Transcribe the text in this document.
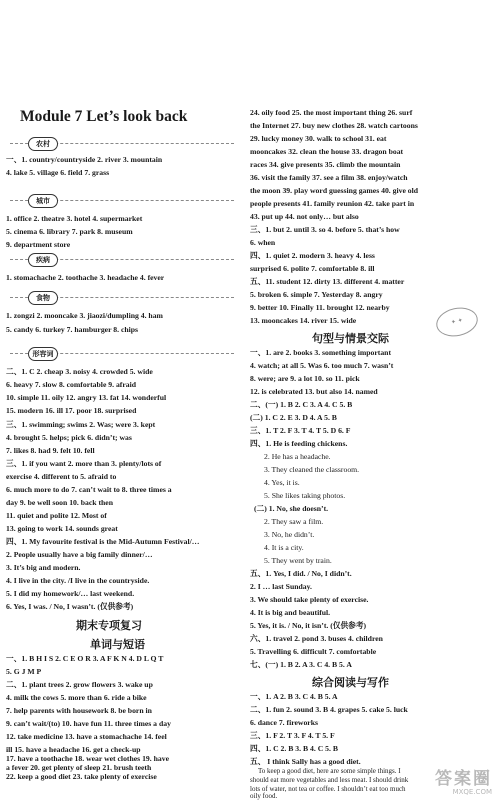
Module 7 Let’s look back
农村
一、1. country/countryside 2. river 3. mountain
4. lake 5. village 6. field 7. grass
城市
1. office 2. theatre 3. hotel 4. supermarket
5. cinema 6. library 7. park 8. museum
9. department store
疾病
1. stomachache 2. toothache 3. headache 4. fever
食物
1. zongzi 2. mooncake 3. jiaozi/dumpling 4. ham
5. candy 6. turkey 7. hamburger 8. chips
形容词
二、1. C 2. cheap 3. noisy 4. crowded 5. wide
6. heavy 7. slow 8. comfortable 9. afraid
10. simple 11. oily 12. angry 13. fat 14. wonderful
15. modern 16. ill 17. poor 18. surprised
三、1. swimming; swims 2. Was; were 3. kept
4. brought 5. helps; pick 6. didn’t; was
7. likes 8. had 9. felt 10. fell
三、1. if you want 2. more than 3. plenty/lots of
exercise 4. different to 5. afraid to
6. much more to do 7. can’t wait to 8. three times a
day 9. be well soon 10. back then
11. quiet and polite 12. Most of
13. going to work 14. sounds great
四、1. My favourite festival is the Mid-Autumn Festival/…
2. People usually have a big family dinner/…
3. It’s big and modern.
4. I live in the city. /I live in the countryside.
5. I did my homework/… last weekend.
6. Yes, I was. / No, I wasn’t. (仅供参考)
期末专项复习
单词与短语
一、1. B H I S 2. C E O R 3. A F K N 4. D L Q T
5. G J M P
二、1. plant trees 2. grow flowers 3. wake up
4. milk the cows 5. more than 6. ride a bike
7. help parents with housework 8. be born in
9. can’t wait/(to) 10. have fun 11. three times a day
12. take medicine 13. have a stomachache 14. feel
ill 15. have a headache 16. get a check-up
17. have a toothache 18. wear wet clothes 19. have
a fever 20. get plenty of sleep 21. brush teeth
22. keep a good diet 23. take plenty of exercise
24. oily food 25. the most important thing 26. surf
the Internet 27. buy new clothes 28. watch cartoons
29. lucky money 30. walk to school 31. eat
mooncakes 32. clean the house 33. dragon boat
races 34. give presents 35. climb the mountain
36. visit the family 37. see a film 38. enjoy/watch
the moon 39. play word guessing games 40. give old
people presents 41. family reunion 42. take part in
43. put up 44. not only… but also
三、1. but 2. until 3. so 4. before 5. that’s how
6. when
四、1. quiet 2. modern 3. heavy 4. less
surprised 6. polite 7. comfortable 8. ill
五、11. student 12. dirty 13. different 4. matter
5. broken 6. simple 7. Yesterday 8. angry
9. better 10. Finally 11. brought 12. nearby
13. mooncakes 14. river 15. wide
句型与情景交际
一、1. are 2. books 3. something important
4. watch; at all 5. Was 6. too much 7. wasn’t
8. were; are 9. a lot 10. so 11. pick
12. is celebrated 13. but also 14. named
二、(一) 1. B 2. C 3. A 4. C 5. B
(二) 1. C 2. E 3. D 4. A 5. B
三、1. T 2. F 3. T 4. T 5. D 6. F
四、1. He is feeding chickens.
2. He has a headache.
3. They cleaned the classroom.
4. Yes, it is.
5. She likes taking photos.
(二) 1. No, she doesn’t.
2. They saw a film.
3. No, he didn’t.
4. It is a city.
5. They went by train.
五、1. Yes, I did. / No, I didn’t.
2. I … last Sunday.
3. We should take plenty of exercise.
4. It is big and beautiful.
5. Yes, it is. / No, it isn’t. (仅供参考)
六、1. travel 2. pond 3. buses 4. children
5. Travelling 6. difficult 7. comfortable
七、(一) 1. B 2. A 3. C 4. B 5. A
综合阅读与写作
一、1. A 2. B 3. C 4. B 5. A
二、1. fun 2. sound 3. B 4. grapes 5. cake 5. luck
6. dance 7. fireworks
三、1. F 2. T 3. F 4. T 5. F
四、1. C 2. B 3. B 4. C 5. B
五、 I think Sally has a good diet.
To keep a good diet, here are some simple things. I
should eat more vegetables and less meat. I should drink
lots of water, not tea or coffee. I shouldn’t eat too much
oily food.
✦ ✦
答案圈
MXQE.COM
